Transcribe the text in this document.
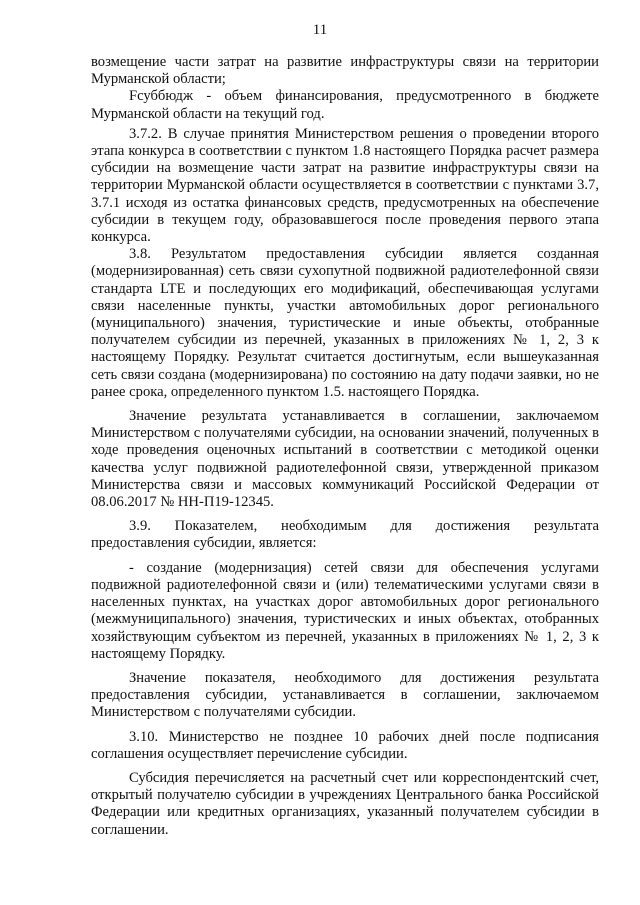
11

возмещение части затрат на развитие инфраструктуры связи на территории Мурманской области;

Fсуббюдж - объем финансирования, предусмотренного в бюджете Мурманской области на текущий год.

3.7.2. В случае принятия Министерством решения о проведении второго этапа конкурса в соответствии с пунктом 1.8 настоящего Порядка расчет размера субсидии на возмещение части затрат на развитие инфраструктуры связи на территории Мурманской области осуществляется в соответствии с пунктами 3.7, 3.7.1 исходя из остатка финансовых средств, предусмотренных на обеспечение субсидии в текущем году, образовавшегося после проведения первого этапа конкурса.

3.8. Результатом предоставления субсидии является созданная (модернизированная) сеть связи сухопутной подвижной радиотелефонной связи стандарта LTE и последующих его модификаций, обеспечивающая услугами связи населенные пункты, участки автомобильных дорог регионального (муниципального) значения, туристические и иные объекты, отобранные получателем субсидии из перечней, указанных в приложениях № 1, 2, 3 к настоящему Порядку. Результат считается достигнутым, если вышеуказанная сеть связи создана (модернизирована) по состоянию на дату подачи заявки, но не ранее срока, определенного пунктом 1.5. настоящего Порядка.

Значение результата устанавливается в соглашении, заключаемом Министерством с получателями субсидии, на основании значений, полученных в ходе проведения оценочных испытаний в соответствии с методикой оценки качества услуг подвижной радиотелефонной связи, утвержденной приказом Министерства связи и массовых коммуникаций Российской Федерации от 08.06.2017 № НН-П19-12345.

3.9. Показателем, необходимым для достижения результата предоставления субсидии, является:

- создание (модернизация) сетей связи для обеспечения услугами подвижной радиотелефонной связи и (или) телематическими услугами связи в населенных пунктах, на участках дорог автомобильных дорог регионального (межмуниципального) значения, туристических и иных объектах, отобранных хозяйствующим субъектом из перечней, указанных в приложениях № 1, 2, 3 к настоящему Порядку.

Значение показателя, необходимого для достижения результата предоставления субсидии, устанавливается в соглашении, заключаемом Министерством с получателями субсидии.

3.10. Министерство не позднее 10 рабочих дней после подписания соглашения осуществляет перечисление субсидии.

Субсидия перечисляется на расчетный счет или корреспондентский счет, открытый получателю субсидии в учреждениях Центрального банка Российской Федерации или кредитных организациях, указанный получателем субсидии в соглашении.
